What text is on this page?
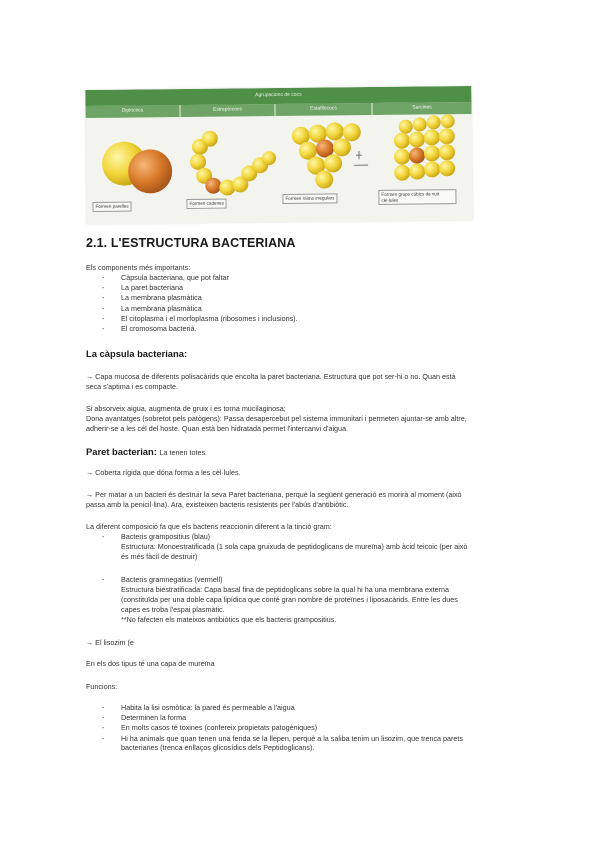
Agrupacions de cocs
Diplococs	Estreptococs	Estafilococs	Sarcines
Formen parelles
Formen cadenes
Formen raïms irregulars
Formen grups cúbics de vuit cèl·lules
2.1. L'ESTRUCTURA BACTERIANA

Els components més importants:

- Càpsula bacteriana, que pot faltar
- La paret bacteriana
- La membrana plasmàtica
- La membrana plasmàtica
- El citoplasma i el morfoplasma (ribosomes i inclusions).
- El cromosoma bacterià.

La càpsula bacteriana:

→ Capa mucosa de diferents polisacàrids que encolta la paret bacteriana. Estructura que pot ser-hi o no. Quan està

seca s'aptima i es compacte.

Si absorveix aigua, augmenta de gruix i es torna mucilaginosa;

Dona avantatges (sobretot pels patògens): Passa desapercebut pel sistema immunitari i permeten ajuntar-se amb altre,

adherir-se a les cél del hoste. Quan està ben hidratada permet l'intercanvi d'aigua.

Paret bacterian: La tenen totes.

→ Coberta rígida que dóna forma a les cèl·lules.

→ Per matar a un bacteri és destruir la seva Paret bacteriana, perquè la següent generació es morirà al moment (això

passa amb la penicil·lina). Ara, existeixen bacteris resistents per l'abús d'antibiòtic.

La diferent composició fa que els bacteris reaccionin diferent a la tinció gram:

- Bacteris grampositius (blau)

Estructura: Monoestratificada (1 sola capa gruixuda de peptidoglicans de mureïna) amb àcid teicoic (per això

és més fàcil de destruir)

- Bacteris gramnegatius (vermell)

Estructura biestratificada: Capa basal fina de peptidoglicans sobre la qual hi ha una membrana externa

(constituïda per una doble capa lipídica que conté gran nombre de proteïnes i liposacàrids. Entre les dues

capes es troba l'espai plasmàtic.

**No fafecten els mateixos antibiòtics que els bacteris grampositius.

→ El lisozim (e

En els dos tipus té una capa de mureïna

Funcions:

- Habita la lisi osmòtica: la pared és permeable a l'aigua
- Determinen la forma
- En molts casos té toxines (confereix propietats patogèniques)
- Hi ha animals que quan tenen una ferida se la llepen, perquè a la saliba tenim un lisozim, que trenca parets

bacterianes (trenca enllaços glicosídics dels Peptidoglicans).
